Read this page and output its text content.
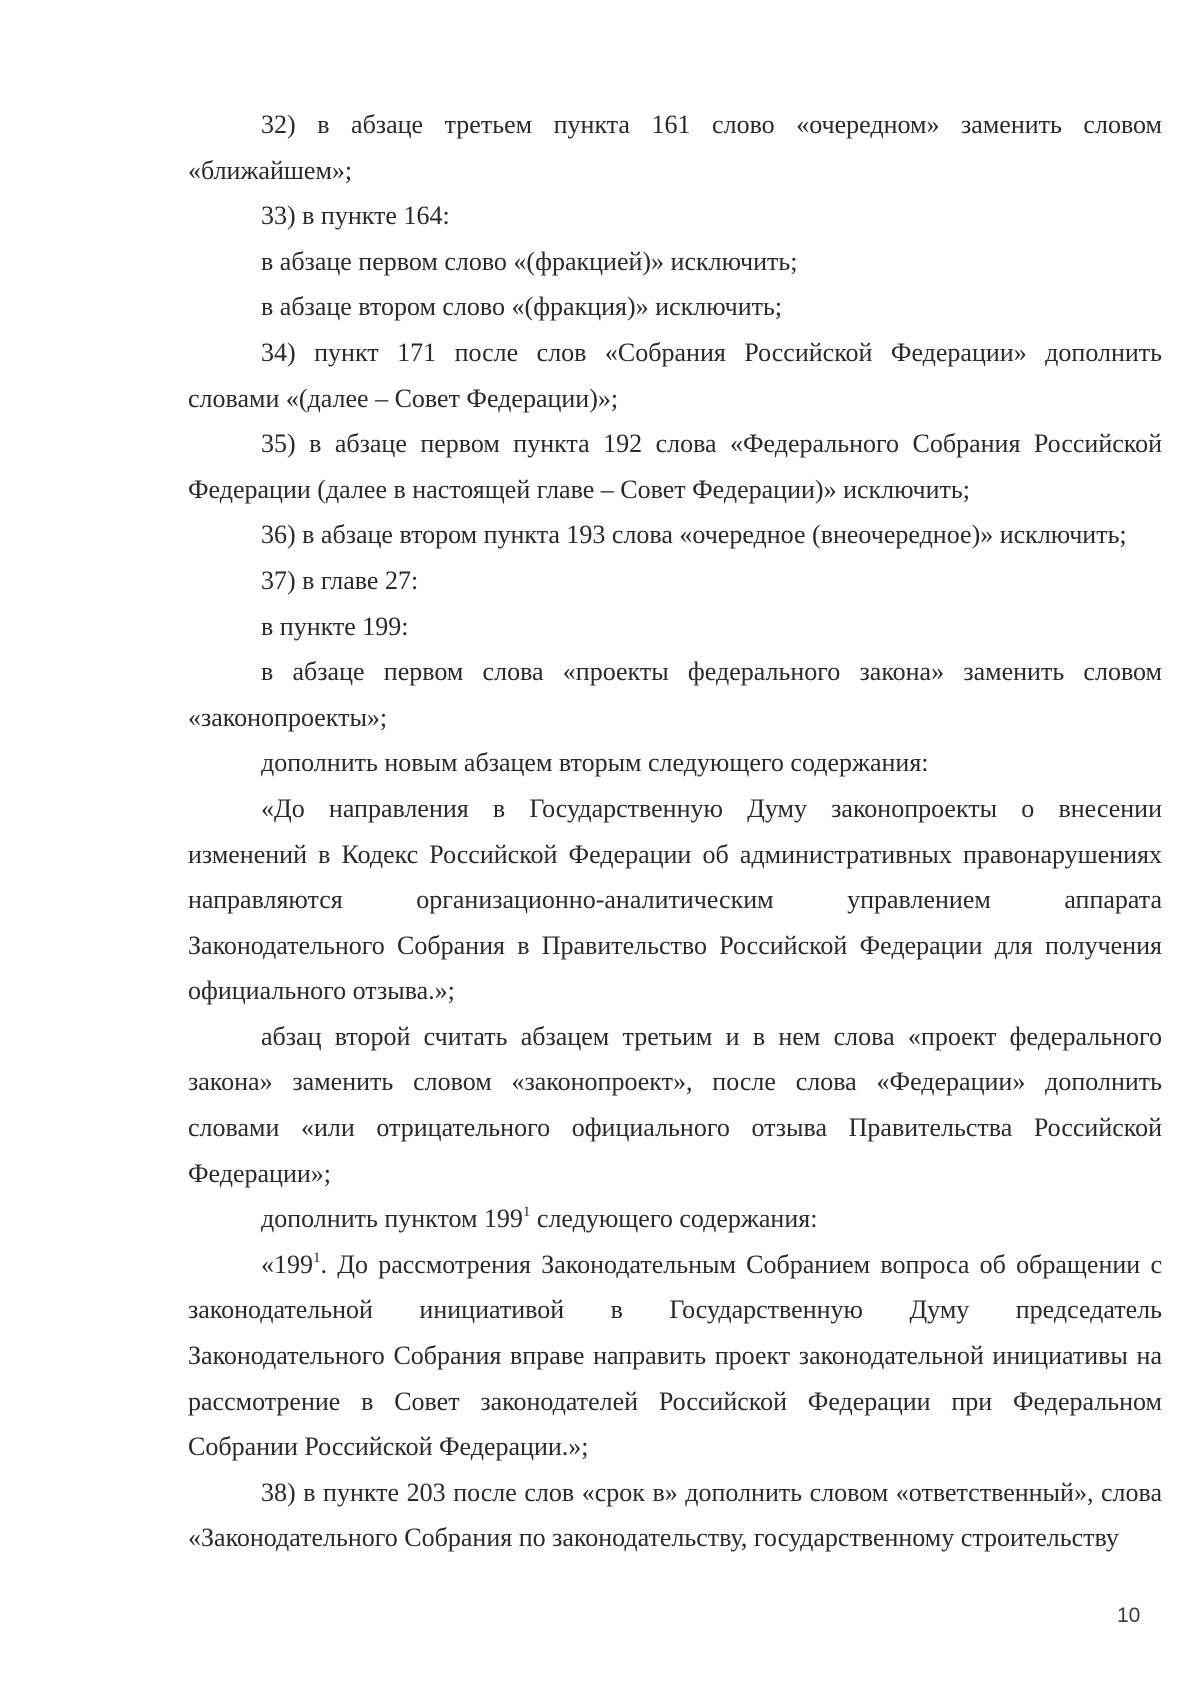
32) в абзаце третьем пункта 161 слово «очередном» заменить словом «ближайшем»;

33) в пункте 164:

в абзаце первом слово «(фракцией)» исключить;

в абзаце втором слово «(фракция)» исключить;

34) пункт 171 после слов «Собрания Российской Федерации» дополнить словами «(далее – Совет Федерации)»;

35) в абзаце первом пункта 192 слова «Федерального Собрания Российской Федерации (далее в настоящей главе – Совет Федерации)» исключить;

36) в абзаце втором пункта 193 слова «очередное (внеочередное)» исключить;

37) в главе 27:

в пункте 199:

в абзаце первом слова «проекты федерального закона» заменить словом «законопроекты»;

дополнить новым абзацем вторым следующего содержания:

«До направления в Государственную Думу законопроекты о внесении изменений в Кодекс Российской Федерации об административных правонарушениях направляются организационно-аналитическим управлением аппарата Законодательного Собрания в Правительство Российской Федерации для получения официального отзыва.»;

абзац второй считать абзацем третьим и в нем слова «проект федерального закона» заменить словом «законопроект», после слова «Федерации» дополнить словами «или отрицательного официального отзыва Правительства Российской Федерации»;

дополнить пунктом $199^1$ следующего содержания:

«$199^1$. До рассмотрения Законодательным Собранием вопроса об обращении с законодательной инициативой в Государственную Думу председатель Законодательного Собрания вправе направить проект законодательной инициативы на рассмотрение в Совет законодателей Российской Федерации при Федеральном Собрании Российской Федерации.»;

38) в пункте 203 после слов «срок в» дополнить словом «ответственный», слова «Законодательного Собрания по законодательству, государственному строительству

10
